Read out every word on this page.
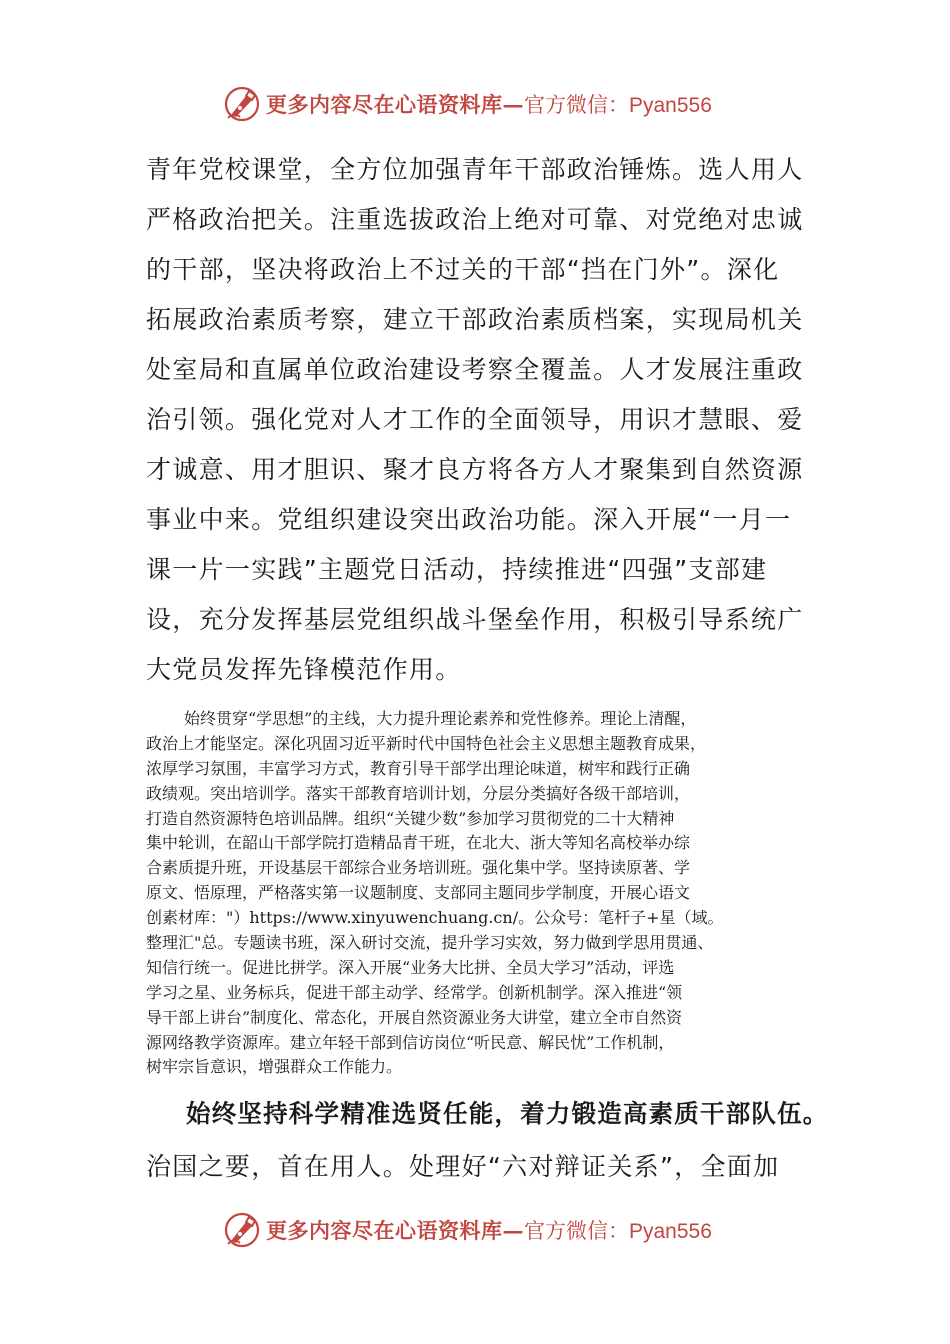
更多内容尽在心语资料库— 官方微信：Pyan556
青年党校课堂，全方位加强青年干部政治锤炼。选人用人
严格政治把关。注重选拔政治上绝对可靠、对党绝对忠诚
的干部，坚决将政治上不过关的干部“挡在门外”。深化
拓展政治素质考察，建立干部政治素质档案，实现局机关
处室局和直属单位政治建设考察全覆盖。人才发展注重政
治引领。强化党对人才工作的全面领导，用识才慧眼、爱
才诚意、用才胆识、聚才良方将各方人才聚集到自然资源
事业中来。党组织建设突出政治功能。深入开展“一月一
课一片一实践”主题党日活动，持续推进“四强”支部建
设，充分发挥基层党组织战斗堡垒作用，积极引导系统广
大党员发挥先锋模范作用。
始终贯穿“学思想”的主线，大力提升理论素养和党性修养。理论上清醒，
政治上才能坚定。深化巩固习近平新时代中国特色社会主义思想主题教育成果，
浓厚学习氛围，丰富学习方式，教育引导干部学出理论味道，树牢和践行正确
政绩观。突出培训学。落实干部教育培训计划，分层分类搞好各级干部培训，
打造自然资源特色培训品牌。组织“关键少数”参加学习贯彻党的二十大精神
集中轮训，在韶山干部学院打造精品青干班，在北大、浙大等知名高校举办综
合素质提升班，开设基层干部综合业务培训班。强化集中学。坚持读原著、学
原文、悟原理，严格落实第一议题制度、支部同主题同步学制度，开展心语文
创素材库："）https://www.xinyuwenchuang.cn/。公众号：笔杆子+星（域。
整理汇"总。专题读书班，深入研讨交流，提升学习实效，努力做到学思用贯通、
知信行统一。促进比拼学。深入开展“业务大比拼、全员大学习”活动，评选
学习之星、业务标兵，促进干部主动学、经常学。创新机制学。深入推进“领
导干部上讲台”制度化、常态化，开展自然资源业务大讲堂，建立全市自然资
源网络教学资源库。建立年轻干部到信访岗位“听民意、解民忧”工作机制，
树牢宗旨意识，增强群众工作能力。
始终坚持科学精准选贤任能，着力锻造高素质干部队伍。
治国之要，首在用人。处理好“六对辩证关系”，全面加
更多内容尽在心语资料库— 官方微信：Pyan556
